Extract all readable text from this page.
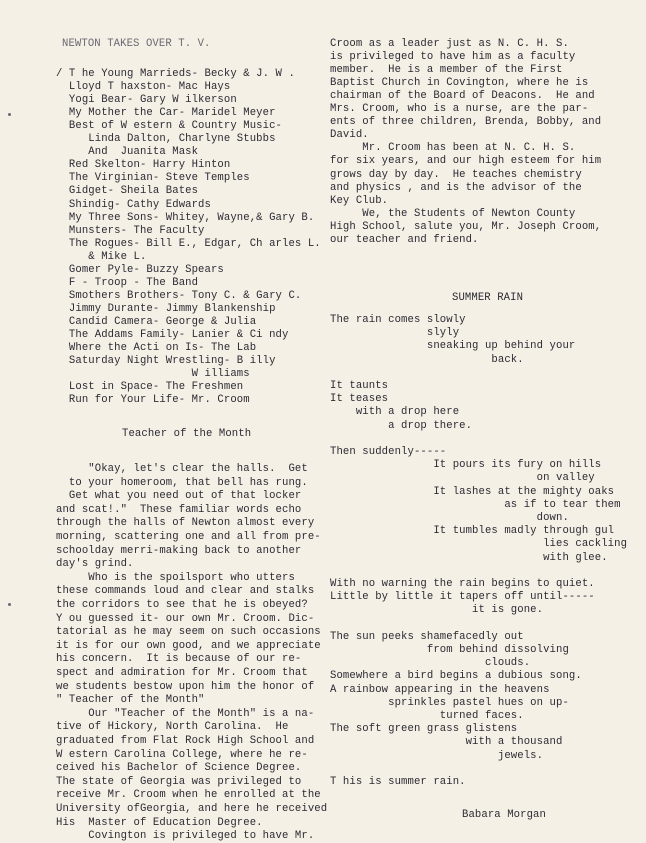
NEWTON TAKES OVER T. V.

/ T he Young Marrieds- Becky & J. W .

Lloyd T haxston- Mac Hays

Yogi Bear- Gary W ilkerson

My Mother the Car- Maridel Meyer

Best of W estern & Country Music-

Linda Dalton, Charlyne Stubbs

And  Juanita Mask

Red Skelton- Harry Hinton

The Virginian- Steve Temples

Gidget- Sheila Bates

Shindig- Cathy Edwards

My Three Sons- Whitey, Wayne,& Gary B.

Munsters- The Faculty

The Rogues- Bill E., Edgar, Ch arles L.

& Mike L.

Gomer Pyle- Buzzy Spears

F - Troop - The Band

Smothers Brothers- Tony C. & Gary C.

Jimmy Durante- Jimmy Blankenship

Candid Camera- George & Julia

The Addams Family- Lanier & Ci ndy

Where the Acti on Is- The Lab

Saturday Night Wrestling- B illy

W illiams

Lost in Space- The Freshmen

Run for Your Life- Mr. Croom

Teacher of the Month

"Okay, let's clear the halls.  Get

to your homeroom, that bell has rung.

Get what you need out of that locker

and scat!."  These familiar words echo

through the halls of Newton almost every

morning, scattering one and all from pre-

schoolday merri-making back to another

day's grind.

Who is the spoilsport who utters

these commands loud and clear and stalks

the corridors to see that he is obeyed?

Y ou guessed it- our own Mr. Croom. Dic-

tatorial as he may seem on such occasions

it is for our own good, and we appreciate

his concern.  It is because of our re-

spect and admiration for Mr. Croom that

we students bestow upon him the honor of

" Teacher of the Month"

Our "Teacher of the Month" is a na-

tive of Hickory, North Carolina.  He

graduated from Flat Rock High School and

W estern Carolina College, where he re-

ceived his Bachelor of Science Degree.

The state of Georgia was privileged to

receive Mr. Croom when he enrolled at the

University ofGeorgia, and here he received

His  Master of Education Degree.

Covington is privileged to have Mr.

Croom as a leader just as N. C. H. S.

is privileged to have him as a faculty

member.  He is a member of the First

Baptist Church in Covington, where he is

chairman of the Board of Deacons.  He and

Mrs. Croom, who is a nurse, are the par-

ents of three children, Brenda, Bobby, and

David.

Mr. Croom has been at N. C. H. S.

for six years, and our high esteem for him

grows day by day.  He teaches chemistry

and physics , and is the advisor of the

Key Club.

We, the Students of Newton County

High School, salute you, Mr. Joseph Croom,

our teacher and friend.

SUMMER RAIN

The rain comes slowly

slyly

sneaking up behind your

back.

It taunts

It teases

with a drop here

a drop there.

Then suddenly-----

It pours its fury on hills

on valley

It lashes at the mighty oaks

as if to tear them

down.

It tumbles madly through gul

lies cackling

with glee.

With no warning the rain begins to quiet.

Little by little it tapers off until-----

it is gone.

The sun peeks shamefacedly out

from behind dissolving

clouds.

Somewhere a bird begins a dubious song.

A rainbow appearing in the heavens

sprinkles pastel hues on up-

turned faces.

The soft green grass glistens

with a thousand

jewels.

T his is summer rain.

Babara Morgan
